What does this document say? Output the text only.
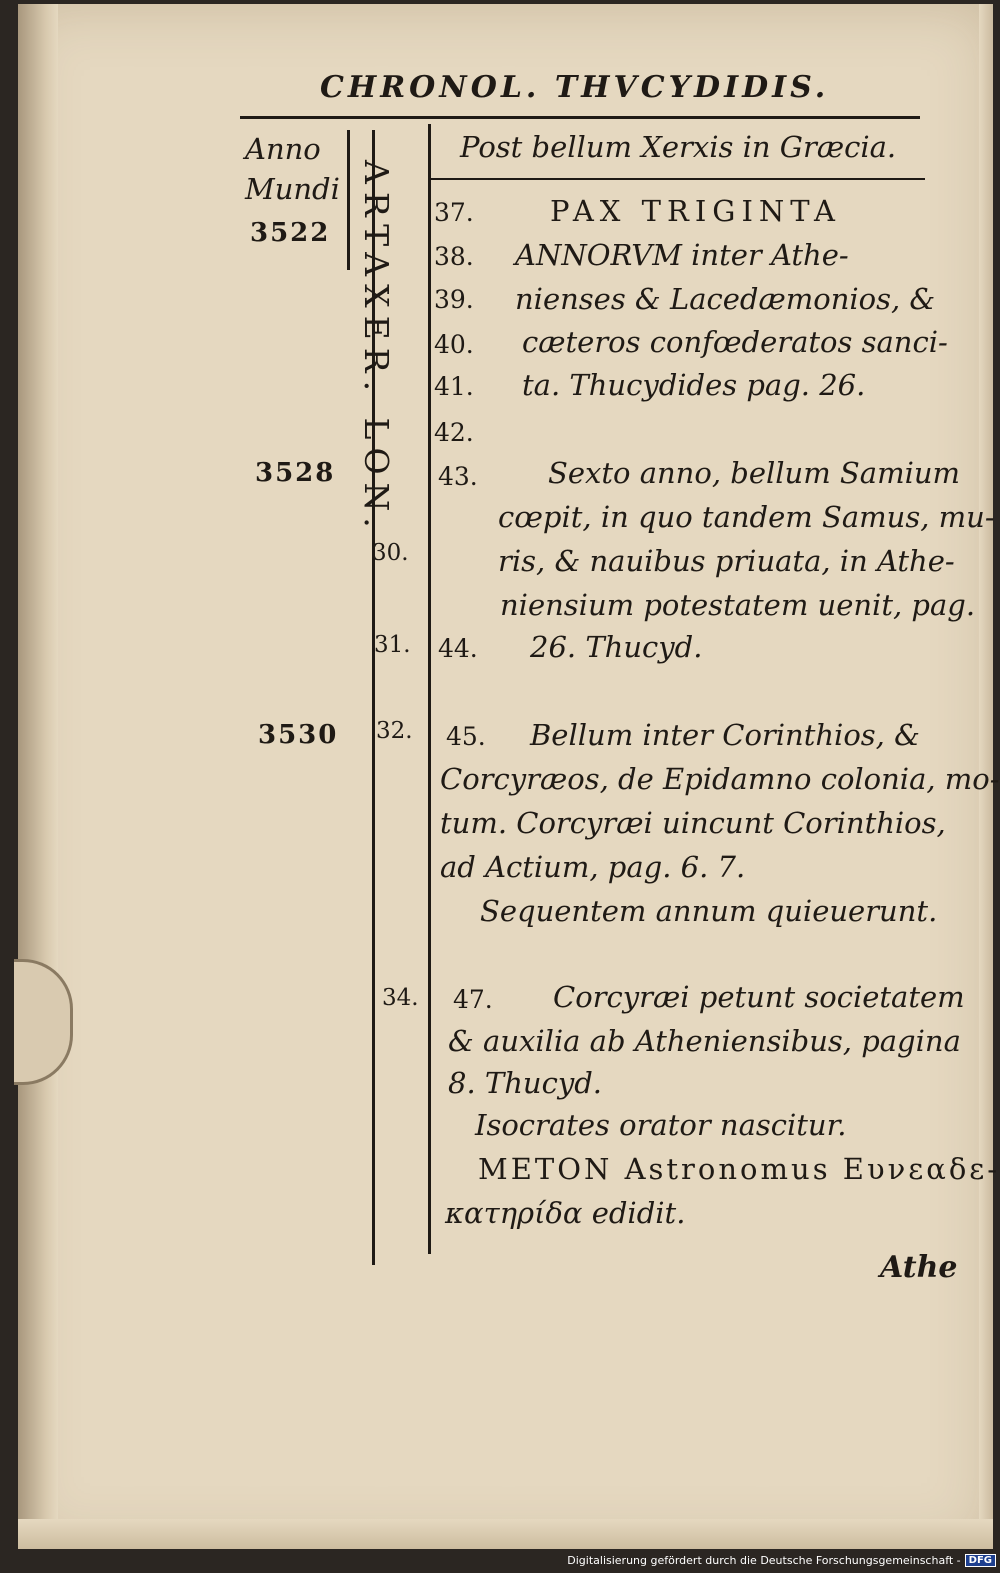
CHRONOL. THVCYDIDIS.
Anno
Mundi
Post bellum Xerxis in Græcia.
ARTAXER. LON.
3522
3528
3530
30.
31.
32.
34.
37.
38.
39.
40.
41.
42.
43.
44.
45.
47.
PAX TRIGINTA
ANNORVM inter Athe-
nienses & Lacedæmonios, &
cæteros confœderatos sanci-
ta. Thucydides pag. 26.
Sexto anno, bellum Samium
cœpit, in quo tandem Samus, mu-
ris, & nauibus priuata, in Athe-
niensium potestatem uenit, pag.
26. Thucyd.
Bellum inter Corinthios, &
Corcyræos, de Epidamno colonia, mo-
tum. Corcyræi uincunt Corinthios,
ad Actium, pag. 6. 7.
Sequentem annum quieuerunt.
Corcyræi petunt societatem
& auxilia ab Atheniensibus, pagina
8. Thucyd.
Isocrates orator nascitur.
METON Astronomus Ευνεαδε-
κατηρίδα edidit.
Athe
Digitalisierung gefördert durch die Deutsche Forschungsgemeinschaft - DFG
